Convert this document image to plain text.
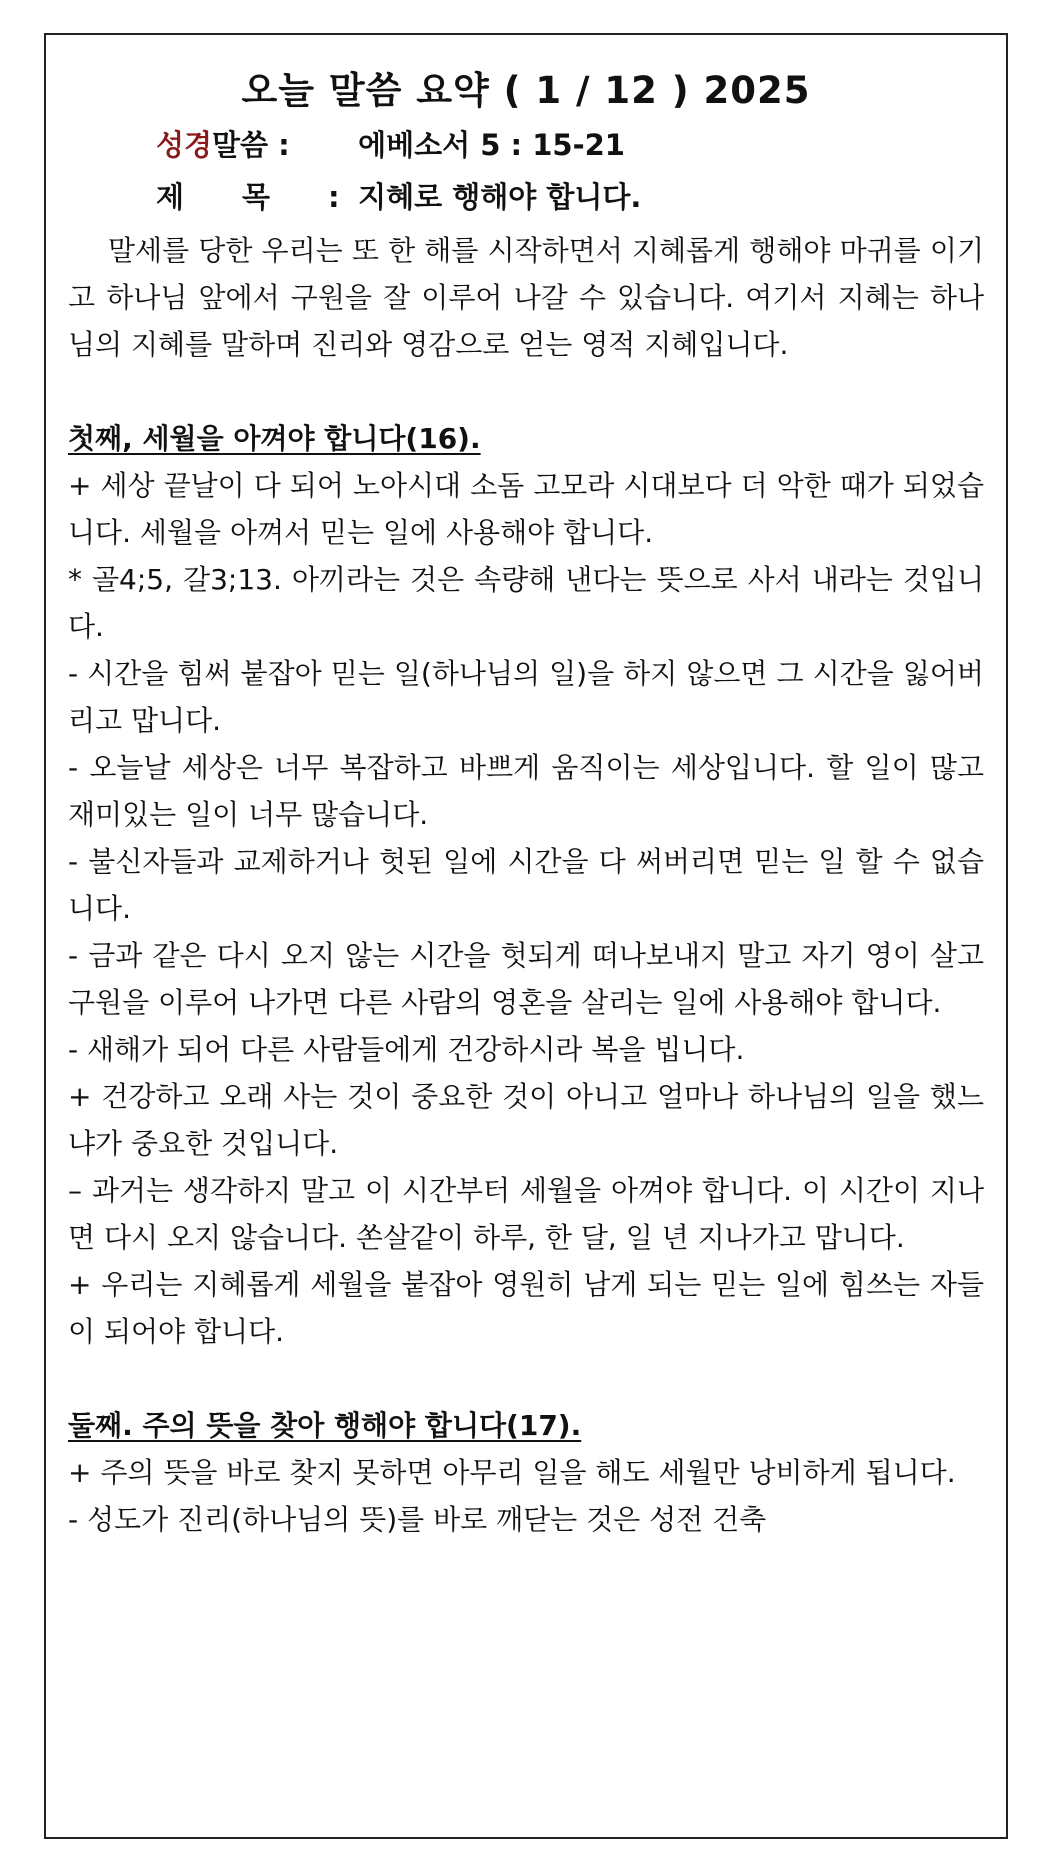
오늘 말씀 요약 ( 1 / 12 ) 2025
성경말씀 : 에베소서 5 : 15-21
제목: 지혜로 행해야 합니다.

말세를 당한 우리는 또 한 해를 시작하면서 지혜롭게 행해야 마귀를 이기고 하나님 앞에서 구원을 잘 이루어 나갈 수 있습니다. 여기서 지혜는 하나님의 지혜를 말하며 진리와 영감으로 얻는 영적 지혜입니다.

첫째, 세월을 아껴야 합니다(16).

+ 세상 끝날이 다 되어 노아시대 소돔 고모라 시대보다 더 악한 때가 되었습니다. 세월을 아껴서 믿는 일에 사용해야 합니다.

* 골4;5, 갈3;13. 아끼라는 것은 속량해 낸다는 뜻으로 사서 내라는 것입니다.

- 시간을 힘써 붙잡아 믿는 일(하나님의 일)을 하지 않으면 그 시간을 잃어버리고 맙니다.

- 오늘날 세상은 너무 복잡하고 바쁘게 움직이는 세상입니다. 할 일이 많고 재미있는 일이 너무 많습니다.

- 불신자들과 교제하거나 헛된 일에 시간을 다 써버리면 믿는 일 할 수 없습니다.

- 금과 같은 다시 오지 않는 시간을 헛되게 떠나보내지 말고 자기 영이 살고 구원을 이루어 나가면 다른 사람의 영혼을 살리는 일에 사용해야 합니다.

- 새해가 되어 다른 사람들에게 건강하시라 복을 빕니다.

+ 건강하고 오래 사는 것이 중요한 것이 아니고 얼마나 하나님의 일을 했느냐가 중요한 것입니다.

– 과거는 생각하지 말고 이 시간부터 세월을 아껴야 합니다. 이 시간이 지나면 다시 오지 않습니다. 쏜살같이 하루, 한 달, 일 년 지나가고 맙니다.

+ 우리는 지혜롭게 세월을 붙잡아 영원히 남게 되는 믿는 일에 힘쓰는 자들이 되어야 합니다.

둘째. 주의 뜻을 찾아 행해야 합니다(17).

+ 주의 뜻을 바로 찾지 못하면 아무리 일을 해도 세월만 낭비하게 됩니다.

- 성도가 진리(하나님의 뜻)를 바로 깨닫는 것은 성전 건축
